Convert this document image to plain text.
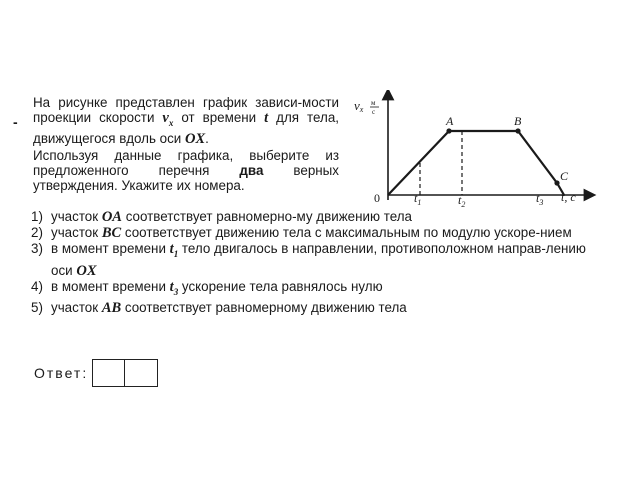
-

На рисунке представлен график зависи-мости проекции скорости $v_x$ от времени t для тела, движущегося вдоль оси OX.

Используя данные графика, выберите из предложенного перечня два верных утверждения. Укажите их номера.

1) участок OA соответствует равномерно-му движению тела
2) участок BC соответствует движению тела с максимальным по модулю ускоре-нием
3) в момент времени $t_1$ тело двигалось в направлении, противоположном направ-лению оси OX
4) в момент времени $t_3$ ускорение тела равнялось нулю
5) участок AB соответствует равномерному движению тела
Ответ:
vx
м
с
A	B
C
0	$t_1$	$t_2$	$t_3$ t, с
